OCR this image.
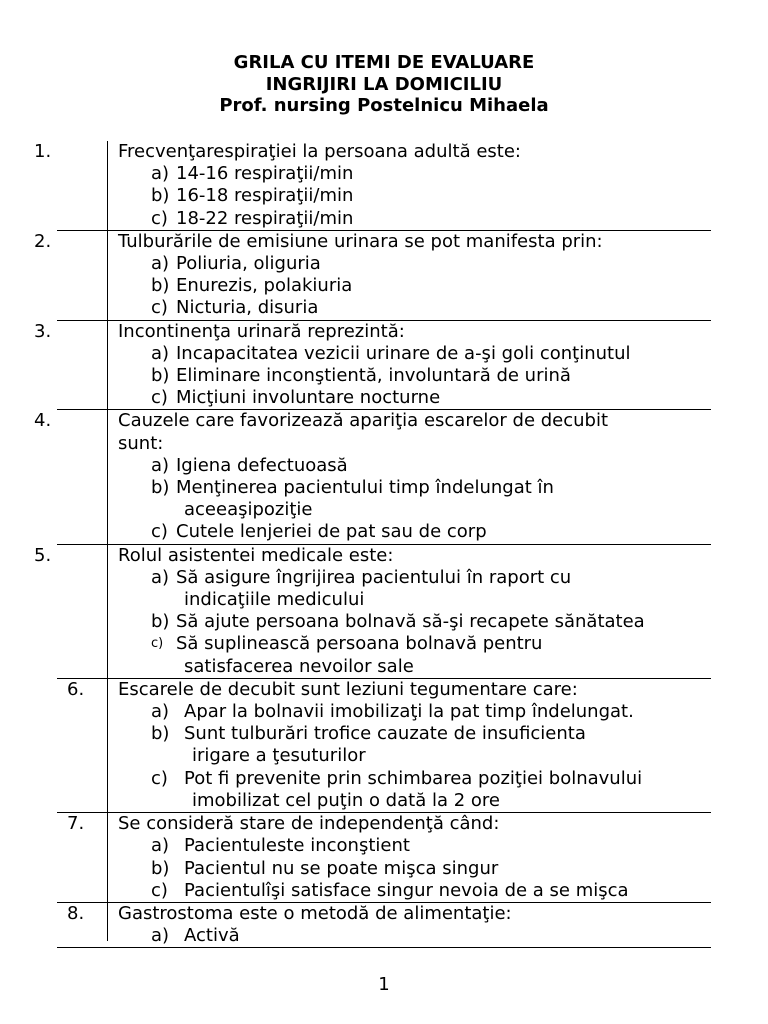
GRILA CU ITEMI DE EVALUARE
INGRIJIRI LA DOMICILIU
Prof. nursing Postelnicu Mihaela
1.	Frecvenţarespiraţiei la persoana adultă este:
a) 14-16 respiraţii/min
b) 16-18 respiraţii/min
c) 18-22 respiraţii/min
2.	Tulburările de emisiune urinara se pot manifesta prin:
a) Poliuria, oliguria
b) Enurezis, polakiuria
c) Nicturia, disuria
3.	Incontinenţa urinară reprezintă:
a) Incapacitatea vezicii urinare de a-şi goli conţinutul
b) Eliminare inconştientă, involuntară de urină
c) Micţiuni involuntare nocturne
4.	Cauzele care favorizează apariţia escarelor de decubit
sunt:
a) Igiena defectuoasă
b) Menţinerea pacientului timp îndelungat în
aceeaşipoziţie
c) Cutele lenjeriei de pat sau de corp
5.	Rolul asistentei medicale este:
a) Să asigure îngrijirea pacientului în raport cu
indicaţiile medicului
b) Să ajute persoana bolnavă să-şi recapete sănătatea
c) Să suplinească persoana bolnavă pentru
satisfacerea nevoilor sale
6. Escarele de decubit sunt leziuni tegumentare care:
a) Apar la bolnavii imobilizaţi la pat timp îndelungat.
b) Sunt tulburări trofice cauzate de insuficienta
irigare a ţesuturilor
c) Pot fi prevenite prin schimbarea poziţiei bolnavului
imobilizat cel puţin o dată la 2 ore
7. Se consideră stare de independenţă când:
a) Pacientuleste inconştient
b) Pacientul nu se poate mişca singur
c) Pacientulîşi satisface singur nevoia de a se mişca
8. Gastrostoma este o metodă de alimentaţie:
a) Activă
1
